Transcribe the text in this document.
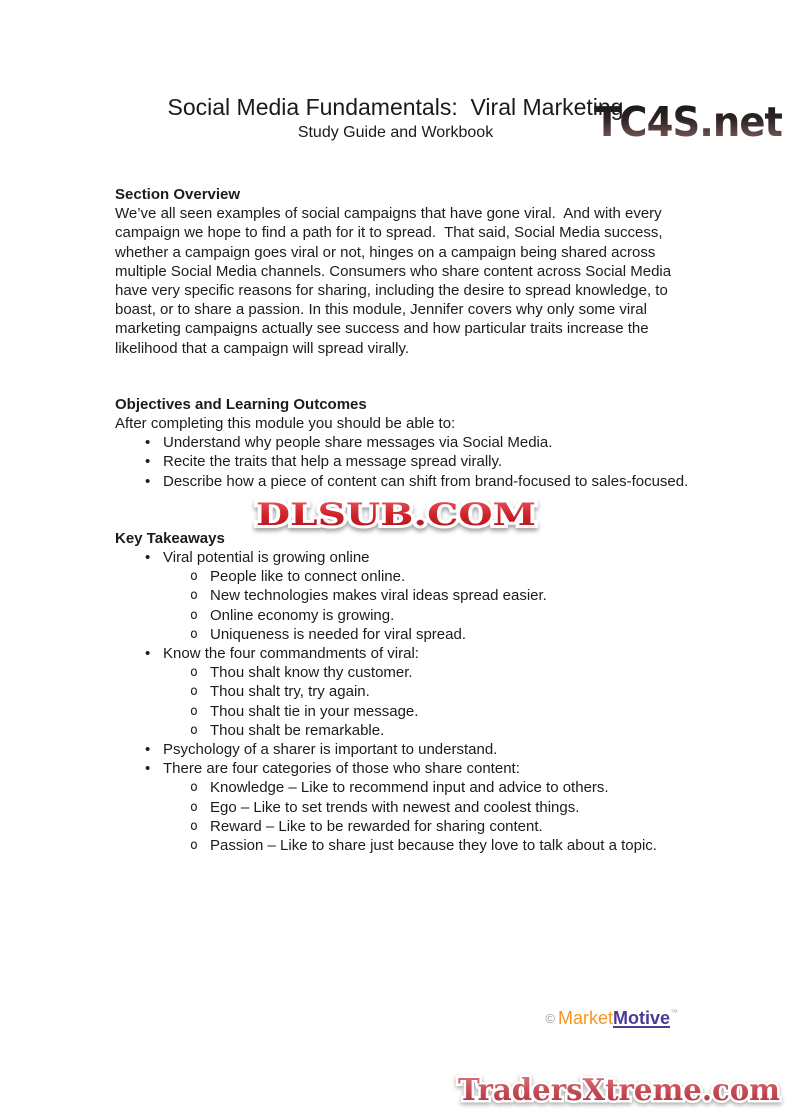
TC4S.net
Social Media Fundamentals:  Viral Marketing
Study Guide and Workbook
Section Overview
We’ve all seen examples of social campaigns that have gone viral.  And with every campaign we hope to find a path for it to spread.  That said, Social Media success, whether a campaign goes viral or not, hinges on a campaign being shared across multiple Social Media channels. Consumers who share content across Social Media have very specific reasons for sharing, including the desire to spread knowledge, to boast, or to share a passion. In this module, Jennifer covers why only some viral marketing campaigns actually see success and how particular traits increase the likelihood that a campaign will spread virally.
Objectives and Learning Outcomes
After completing this module you should be able to:
• Understand why people share messages via Social Media.
• Recite the traits that help a message spread virally.
• Describe how a piece of content can shift from brand-focused to sales-focused.
DLSUB.COM
Key Takeaways
• Viral potential is growing online
o People like to connect online.
o New technologies makes viral ideas spread easier.
o Online economy is growing.
o Uniqueness is needed for viral spread.
• Know the four commandments of viral:
o Thou shalt know thy customer.
o Thou shalt try, try again.
o Thou shalt tie in your message.
o Thou shalt be remarkable.
• Psychology of a sharer is important to understand.
• There are four categories of those who share content:
o Knowledge – Like to recommend input and advice to others.
o Ego – Like to set trends with newest and coolest things.
o Reward – Like to be rewarded for sharing content.
o Passion – Like to share just because they love to talk about a topic.
© MarketMotive™
TradersXtreme.com
